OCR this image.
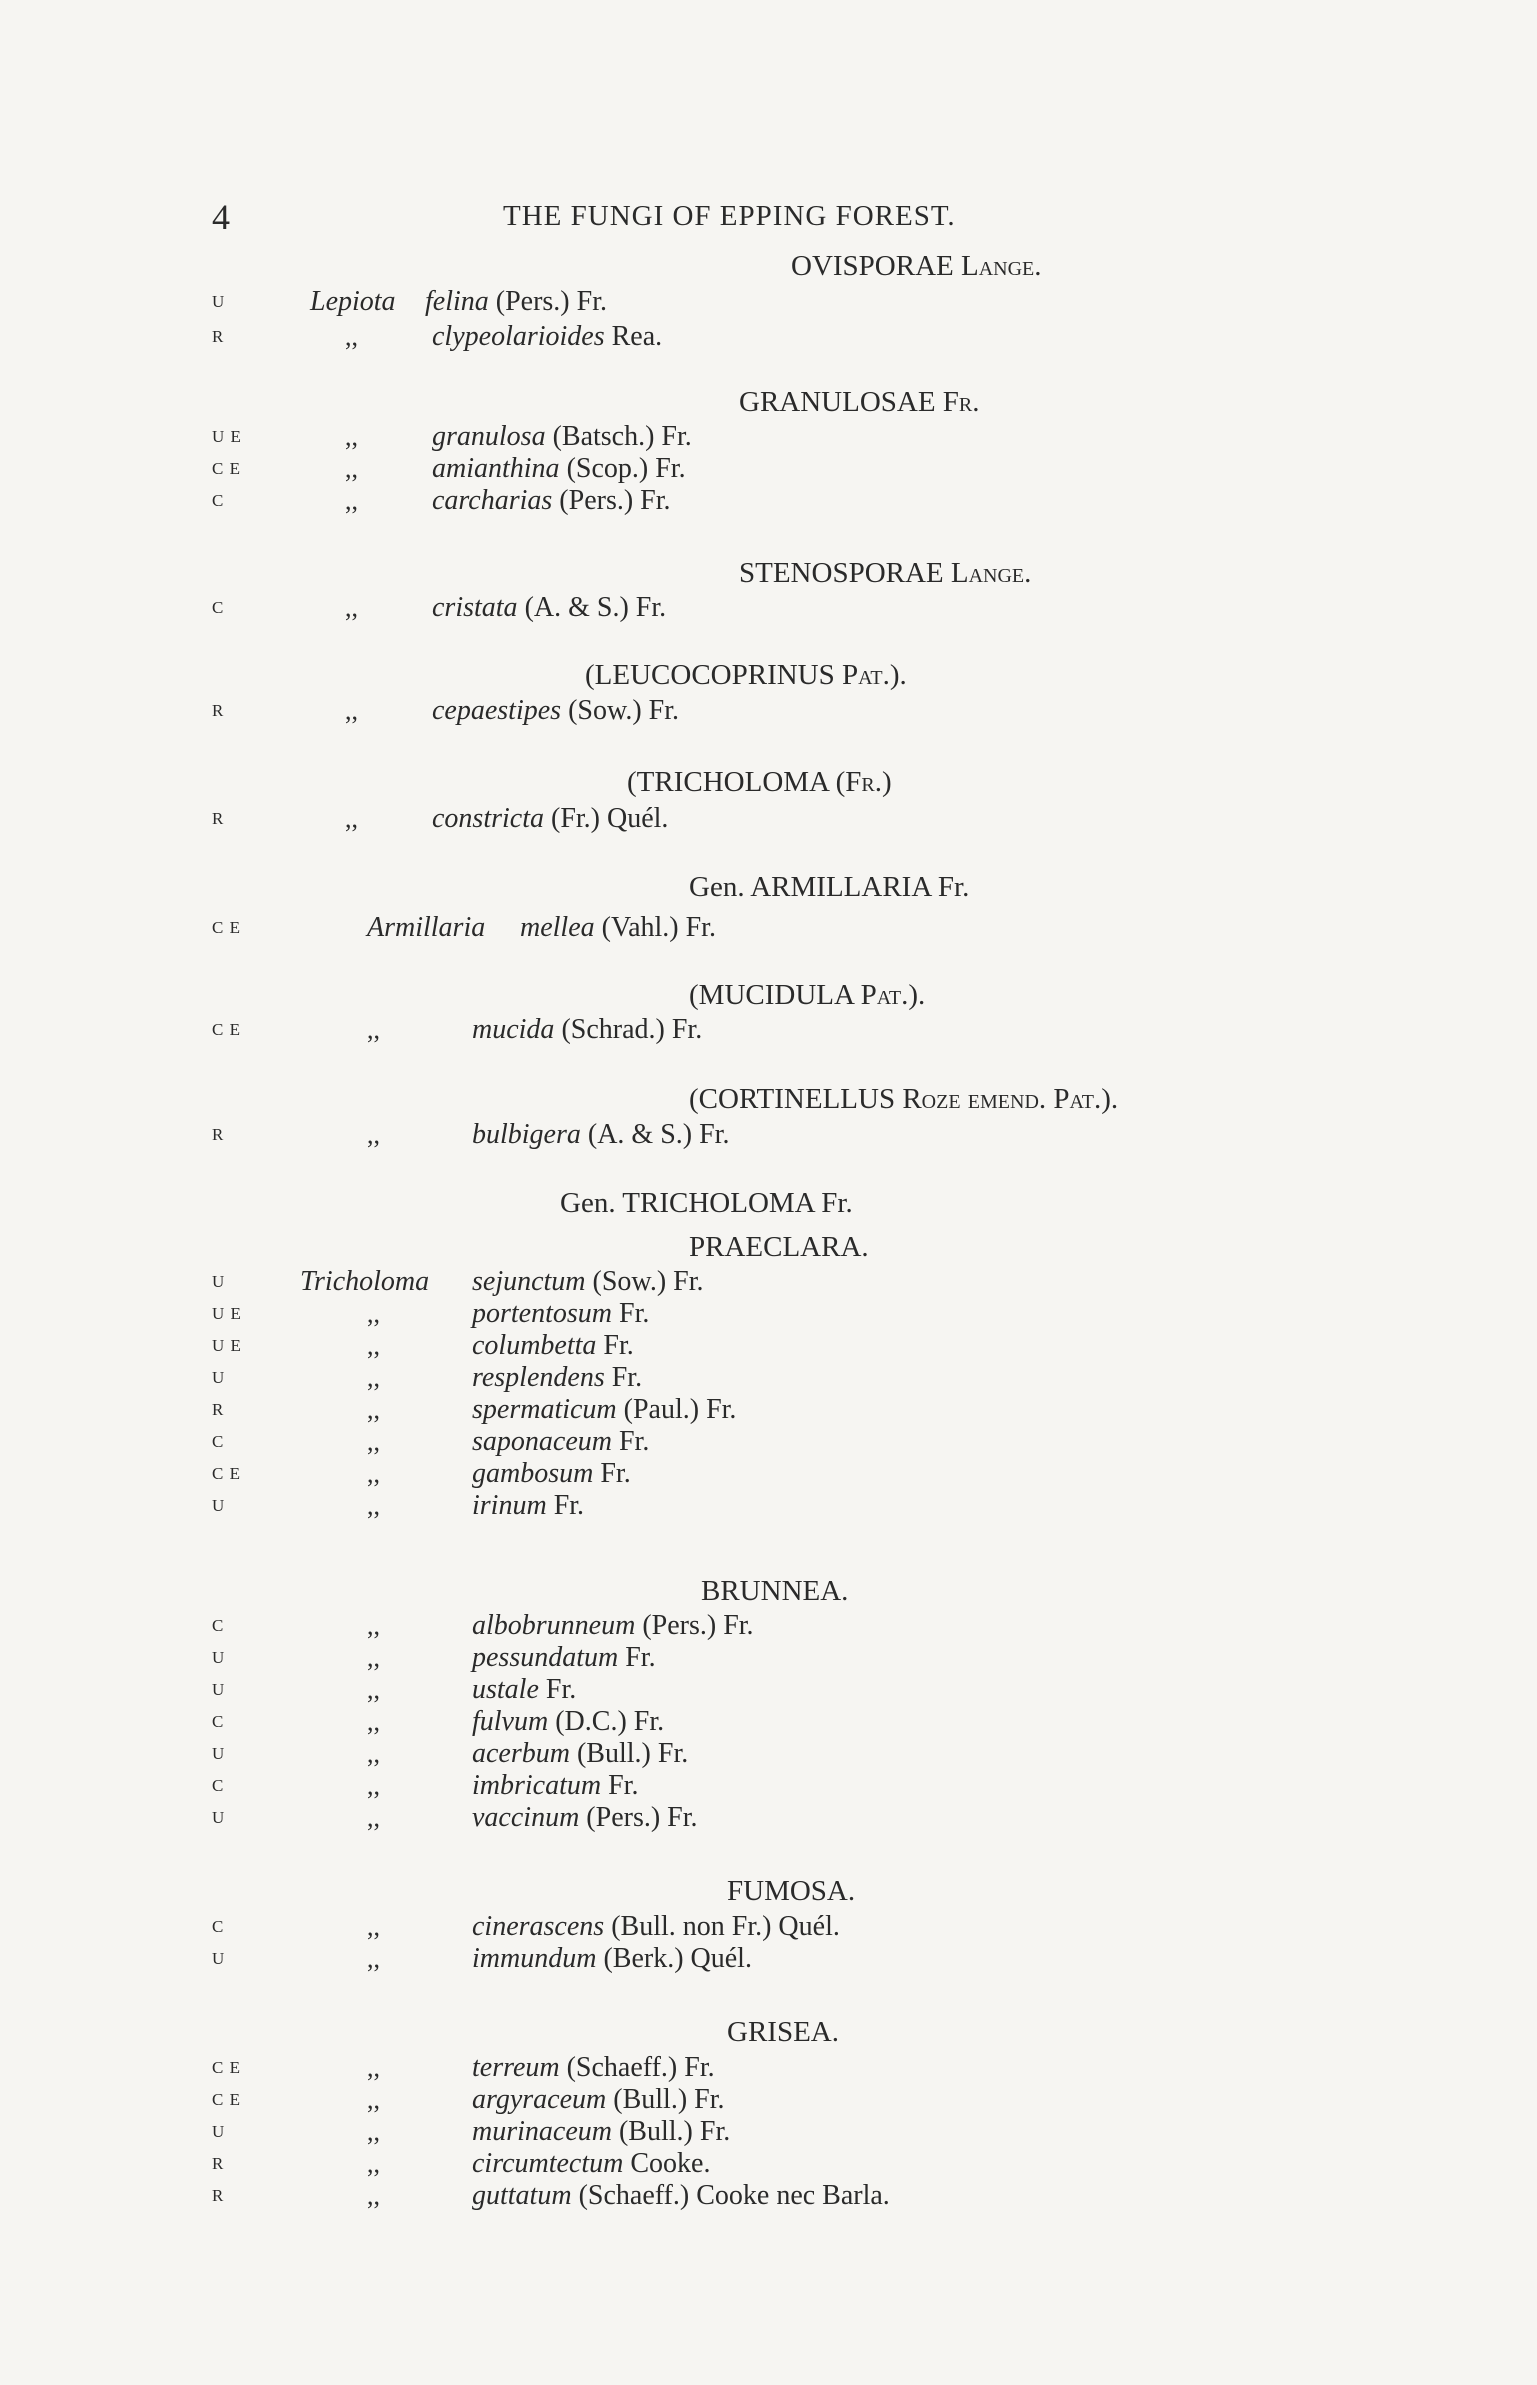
4	THE FUNGI OF EPPING FOREST.
OVISPORAE Lange.
U	Lepiota felina (Pers.) Fr.
R	,,	clypeolarioides Rea.
GRANULOSAE Fr.
U E	,,	granulosa (Batsch.) Fr.
C E	,,	amianthina (Scop.) Fr.
C	,,	carcharias (Pers.) Fr.
STENOSPORAE Lange.
C	,,	cristata (A. & S.) Fr.
(LEUCOCOPRINUS Pat.).
R	,,	cepaestipes (Sow.) Fr.
(TRICHOLOMA (Fr.)
R	,,	constricta (Fr.) Quél.
Gen. ARMILLARIA Fr.
C E	Armillaria mellea (Vahl.) Fr.
(MUCIDULA Pat.).
C E	,,	mucida (Schrad.) Fr.
(CORTINELLUS Roze emend. Pat.).
R	,,	bulbigera (A. & S.) Fr.
Gen. TRICHOLOMA Fr.
PRAECLARA.
U	Tricholoma sejunctum (Sow.) Fr.
U E	,,	portentosum Fr.
U E	,,	columbetta Fr.
U	,,	resplendens Fr.
R	,,	spermaticum (Paul.) Fr.
C	,,	saponaceum Fr.
C E	,,	gambosum Fr.
U	,,	irinum Fr.
BRUNNEA.
C	,,	albobrunneum (Pers.) Fr.
U	,,	pessundatum Fr.
U	,,	ustale Fr.
C	,,	fulvum (D.C.) Fr.
U	,,	acerbum (Bull.) Fr.
C	,,	imbricatum Fr.
U	,,	vaccinum (Pers.) Fr.
FUMOSA.
C	,,	cinerascens (Bull. non Fr.) Quél.
U	,,	immundum (Berk.) Quél.
GRISEA.
C E	,,	terreum (Schaeff.) Fr.
C E	,,	argyraceum (Bull.) Fr.
U	,,	murinaceum (Bull.) Fr.
R	,,	circumtectum Cooke.
R	,,	guttatum (Schaeff.) Cooke nec Barla.
